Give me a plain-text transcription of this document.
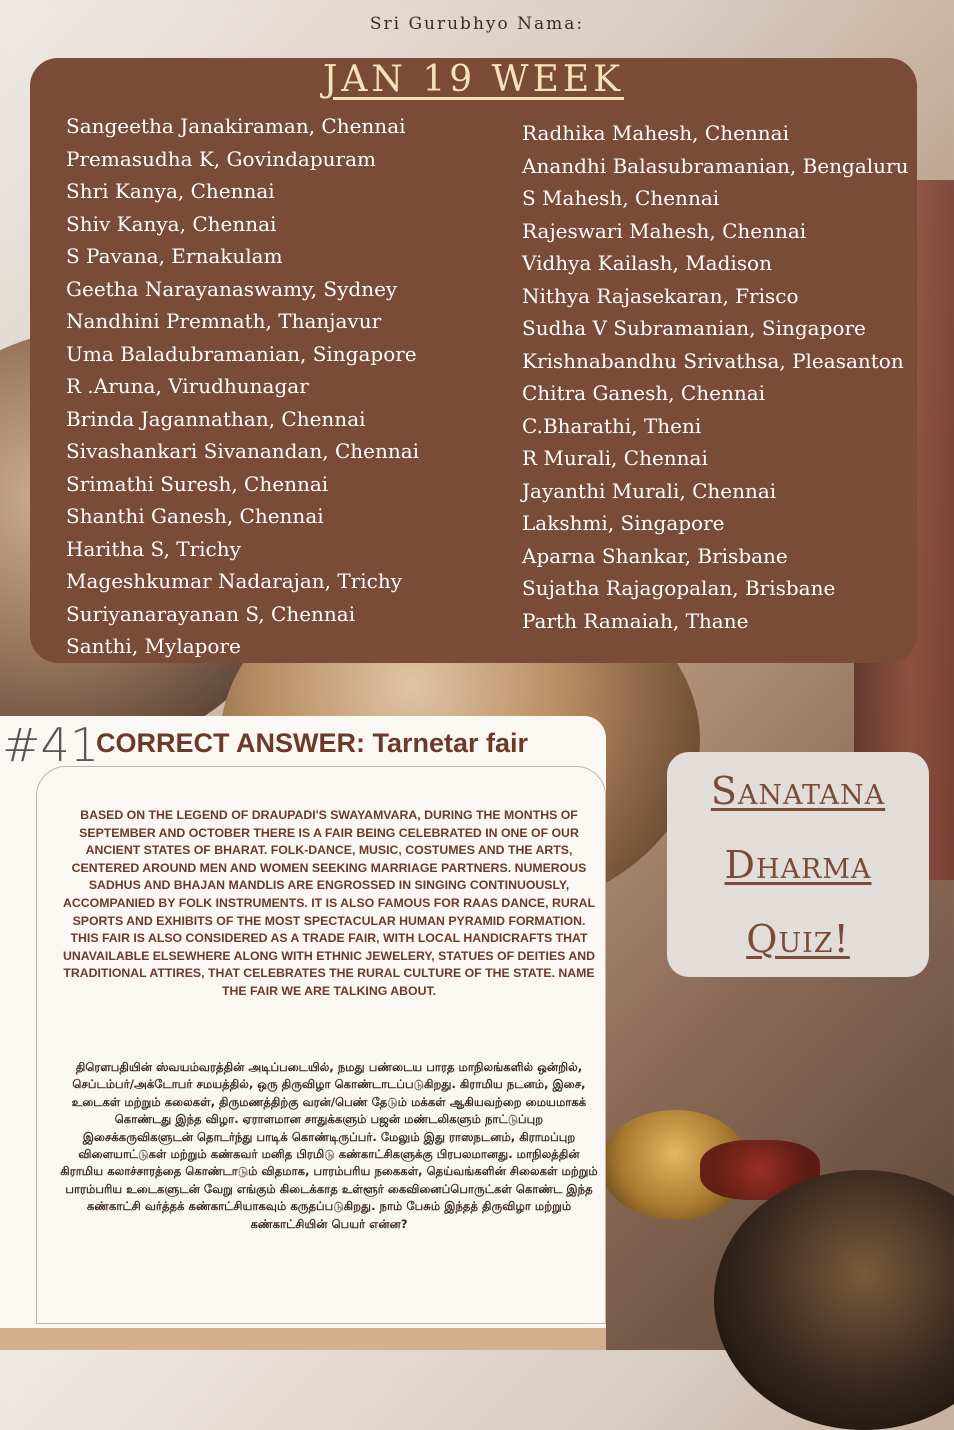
Sri Gurubhyo Nama:
JAN 19 WEEK
Sangeetha Janakiraman, Chennai
Premasudha K, Govindapuram
Shri Kanya, Chennai
Shiv Kanya, Chennai
S Pavana, Ernakulam
Geetha Narayanaswamy, Sydney
Nandhini Premnath, Thanjavur
Uma Baladubramanian, Singapore
R .Aruna, Virudhunagar
Brinda Jagannathan, Chennai
Sivashankari Sivanandan, Chennai
Srimathi Suresh, Chennai
Shanthi Ganesh, Chennai
Haritha S, Trichy
Mageshkumar Nadarajan, Trichy
Suriyanarayanan S, Chennai
Santhi, Mylapore
Radhika Mahesh, Chennai
Anandhi Balasubramanian, Bengaluru
S Mahesh, Chennai
Rajeswari Mahesh, Chennai
Vidhya Kailash, Madison
Nithya Rajasekaran, Frisco
Sudha V Subramanian, Singapore
Krishnabandhu Srivathsa, Pleasanton
Chitra Ganesh, Chennai
C.Bharathi, Theni
R Murali, Chennai
Jayanthi Murali, Chennai
Lakshmi, Singapore
Aparna Shankar, Brisbane
Sujatha Rajagopalan, Brisbane
Parth Ramaiah, Thane
#41
CORRECT ANSWER: Tarnetar fair
BASED ON THE LEGEND OF DRAUPADI'S SWAYAMVARA, DURING THE MONTHS OF SEPTEMBER AND OCTOBER THERE IS A FAIR BEING CELEBRATED IN ONE OF OUR ANCIENT STATES OF BHARAT. FOLK-DANCE, MUSIC, COSTUMES AND THE ARTS, CENTERED AROUND MEN AND WOMEN SEEKING MARRIAGE PARTNERS. NUMEROUS SADHUS AND BHAJAN MANDLIS ARE ENGROSSED IN SINGING CONTINUOUSLY, ACCOMPANIED BY FOLK INSTRUMENTS. IT IS ALSO FAMOUS FOR RAAS DANCE, RURAL SPORTS AND EXHIBITS OF THE MOST SPECTACULAR HUMAN PYRAMID FORMATION. THIS FAIR IS ALSO CONSIDERED AS A TRADE FAIR, WITH LOCAL HANDICRAFTS THAT UNAVAILABLE ELSEWHERE ALONG WITH ETHNIC JEWELERY, STATUES OF DEITIES AND TRADITIONAL ATTIRES, THAT CELEBRATES THE RURAL CULTURE OF THE STATE. NAME THE FAIR WE ARE TALKING ABOUT.
திரௌபதியின் ஸ்வயம்வரத்தின் அடிப்படையில், நமது பண்டைய பாரத மாநிலங்களில் ஒன்றில், செப்டம்பர்/அக்டோபர் சமயத்தில், ஒரு திருவிழா கொண்டாடப்படுகிறது. கிராமிய நடனம், இசை, உடைகள் மற்றும் கலைகள், திருமணத்திற்கு வரன்/பெண் தேடும் மக்கள் ஆகியவற்றை மையமாகக் கொண்டது இந்த விழா. ஏராளமான சாதுக்களும் பஜன் மண்டலிகளும் நாட்டுப்புற இசைக்கருவிகளுடன் தொடர்ந்து பாடிக் கொண்டிருப்பர். மேலும் இது ராஸநடனம், கிராமப்புற விளையாட்டுகள் மற்றும் கண்கவர் மனித பிரமிடு கண்காட்சிகளுக்கு பிரபலமானது. மாநிலத்தின் கிராமிய கலாச்சாரத்தை கொண்டாடும் விதமாக, பாரம்பரிய நகைகள், தெய்வங்களின் சிலைகள் மற்றும் பாரம்பரிய உடைகளுடன் வேறு எங்கும் கிடைக்காத உள்ளூர் கைவினைப்பொருட்கள் கொண்ட இந்த கண்காட்சி வர்த்தக் கண்காட்சியாகவும் கருதப்படுகிறது. நாம் பேசும் இந்தத் திருவிழா மற்றும் கண்காட்சியின் பெயர் என்ன?
Sanatana
Dharma
Quiz!
